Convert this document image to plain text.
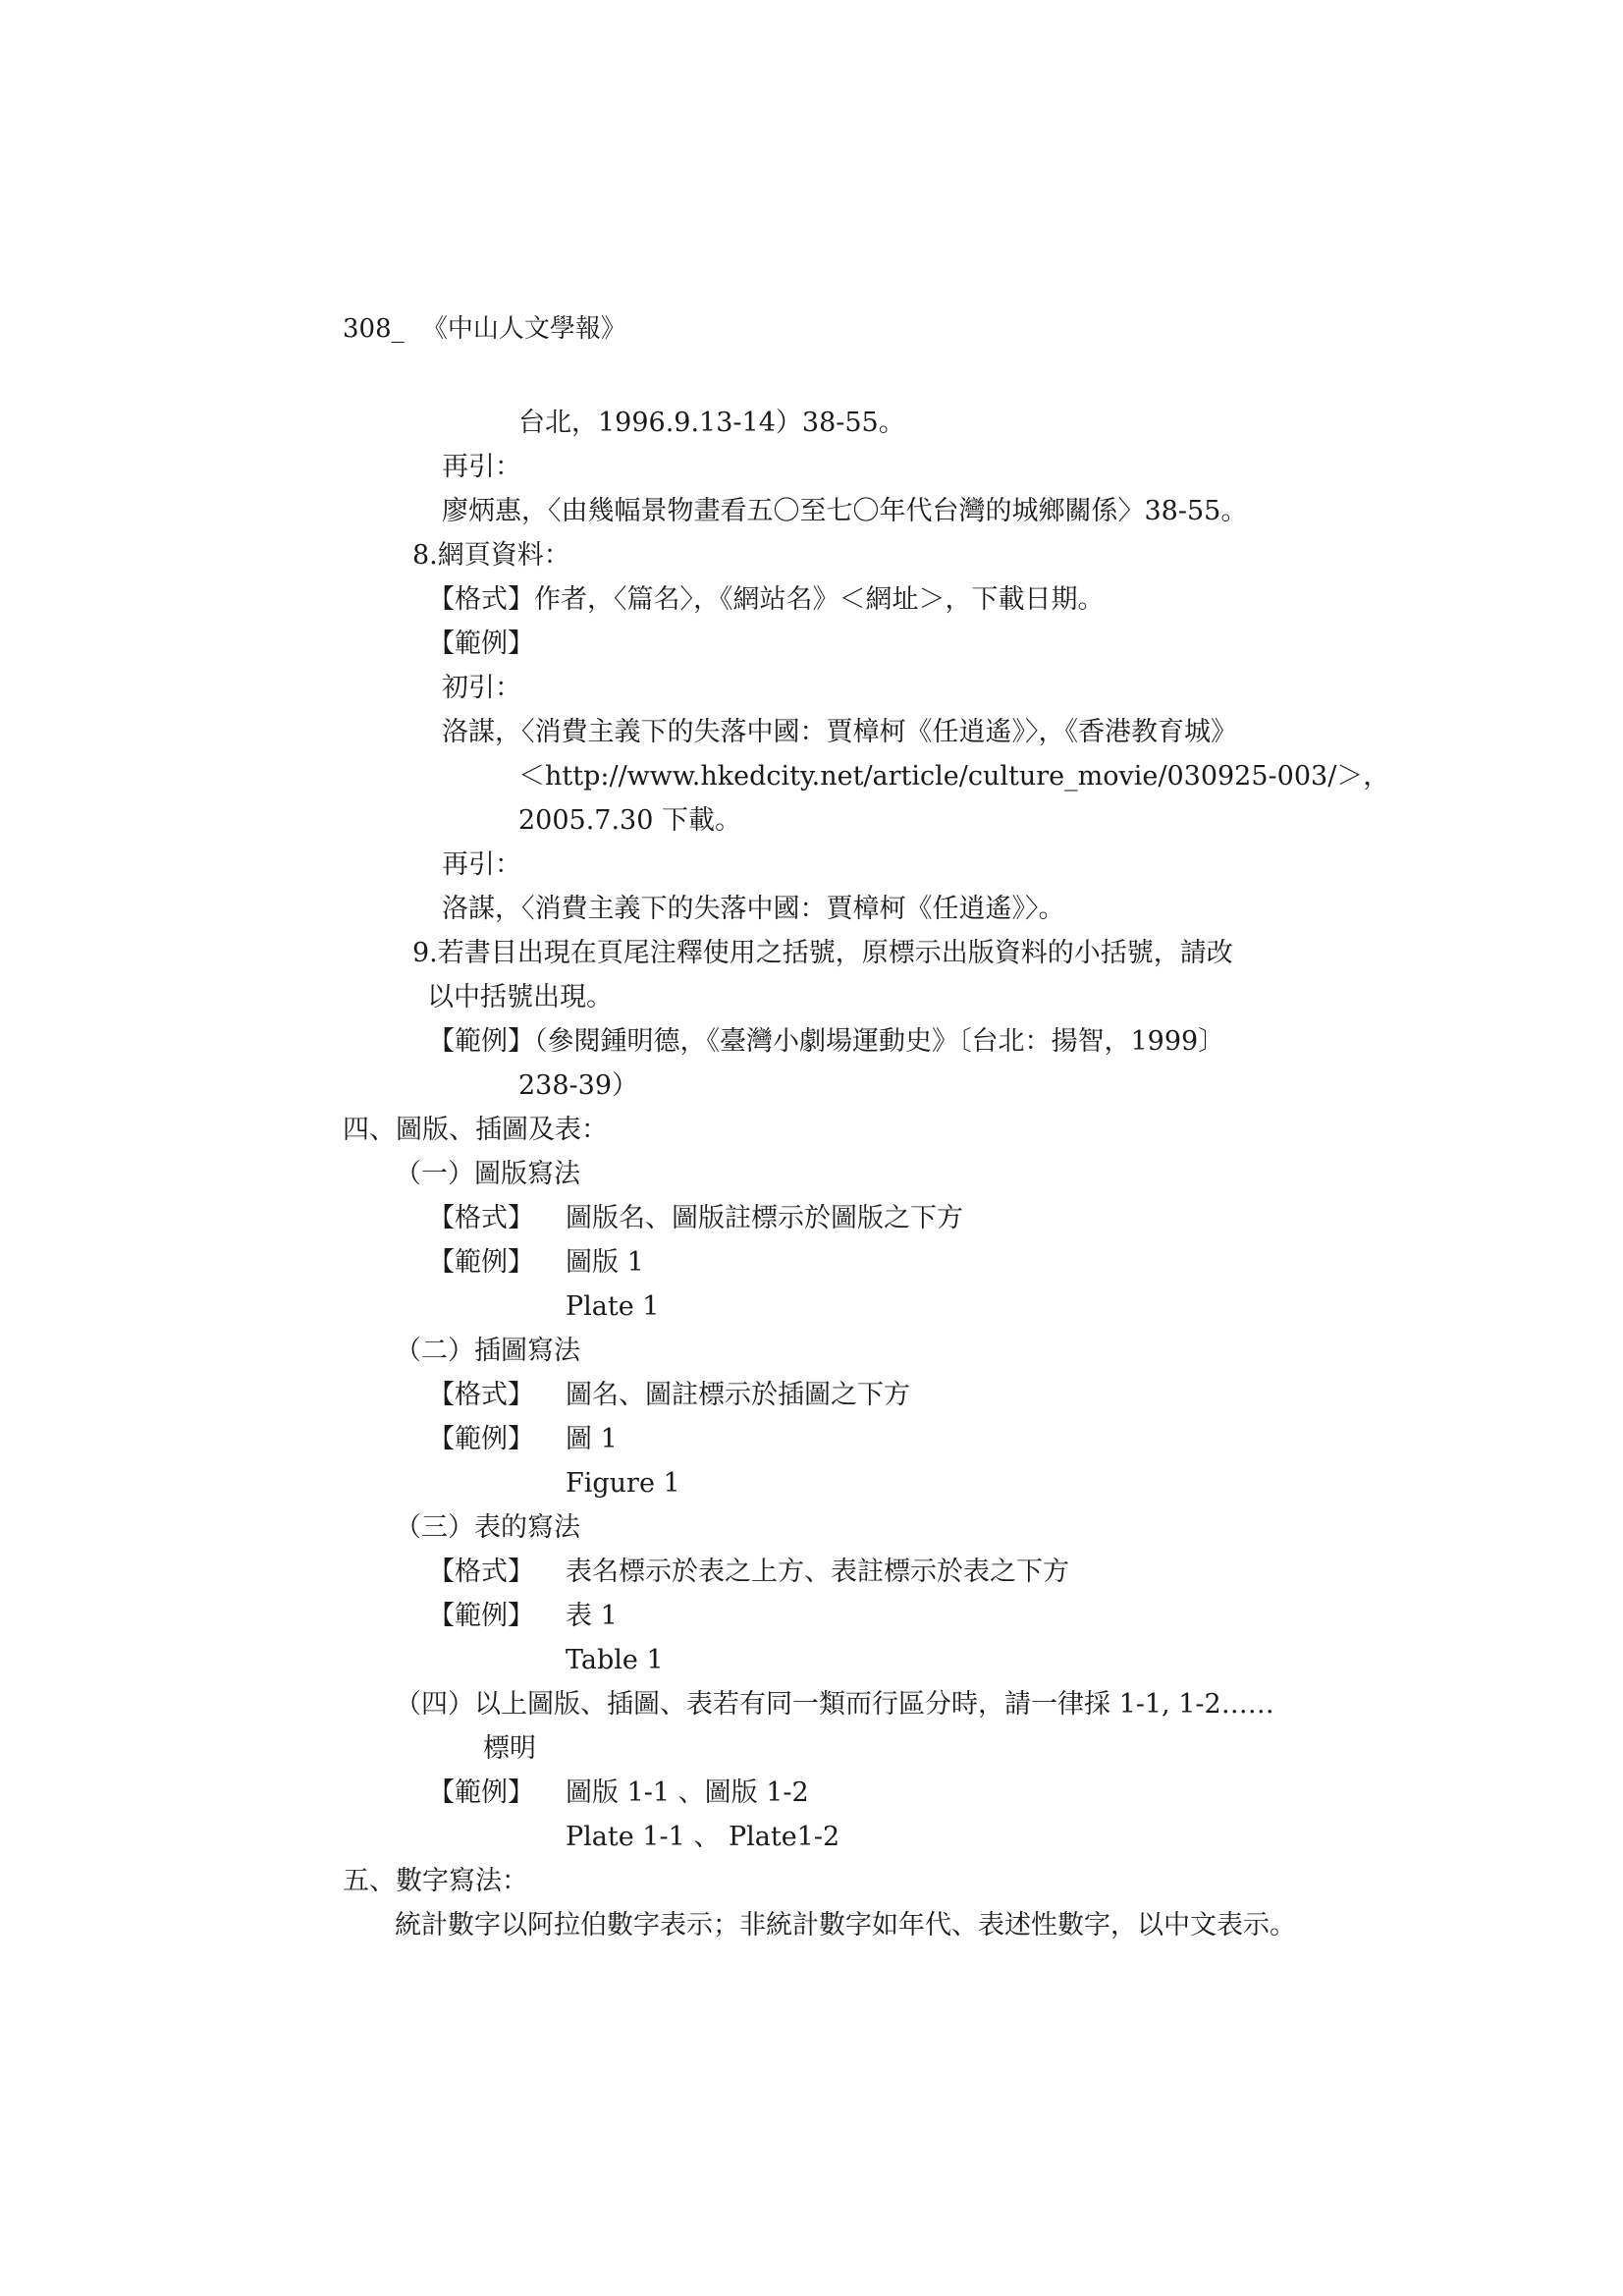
308_ 《中山人文學報》
台北，1996.9.13-14）38-55。
再引：
廖炳惠，〈由幾幅景物畫看五〇至七〇年代台灣的城鄉關係〉38-55。
8.網頁資料：
【格式】作者，〈篇名〉，《網站名》＜網址＞，下載日期。
【範例】
初引：
洛謀，〈消費主義下的失落中國：賈樟柯《任逍遙》〉，《香港教育城》
＜http://www.hkedcity.net/article/culture_movie/030925-003/＞，
2005.7.30 下載。
再引：
洛謀，〈消費主義下的失落中國：賈樟柯《任逍遙》〉。
9.若書目出現在頁尾注釋使用之括號，原標示出版資料的小括號，請改
以中括號出現。
【範例】（參閱鍾明德，《臺灣小劇場運動史》〔台北：揚智，1999〕
238-39）
四、圖版、插圖及表：
（一）圖版寫法
【格式】 圖版名、圖版註標示於圖版之下方
【範例】 圖版 1
Plate 1
（二）插圖寫法
【格式】 圖名、圖註標示於插圖之下方
【範例】 圖 1
Figure 1
（三）表的寫法
【格式】 表名標示於表之上方、表註標示於表之下方
【範例】 表 1
Table 1
（四）以上圖版、插圖、表若有同一類而行區分時，請一律採 1-1, 1-2……
標明
【範例】 圖版 1-1 、圖版 1-2
Plate 1-1 、 Plate1-2
五、數字寫法：
統計數字以阿拉伯數字表示；非統計數字如年代、表述性數字，以中文表示。
